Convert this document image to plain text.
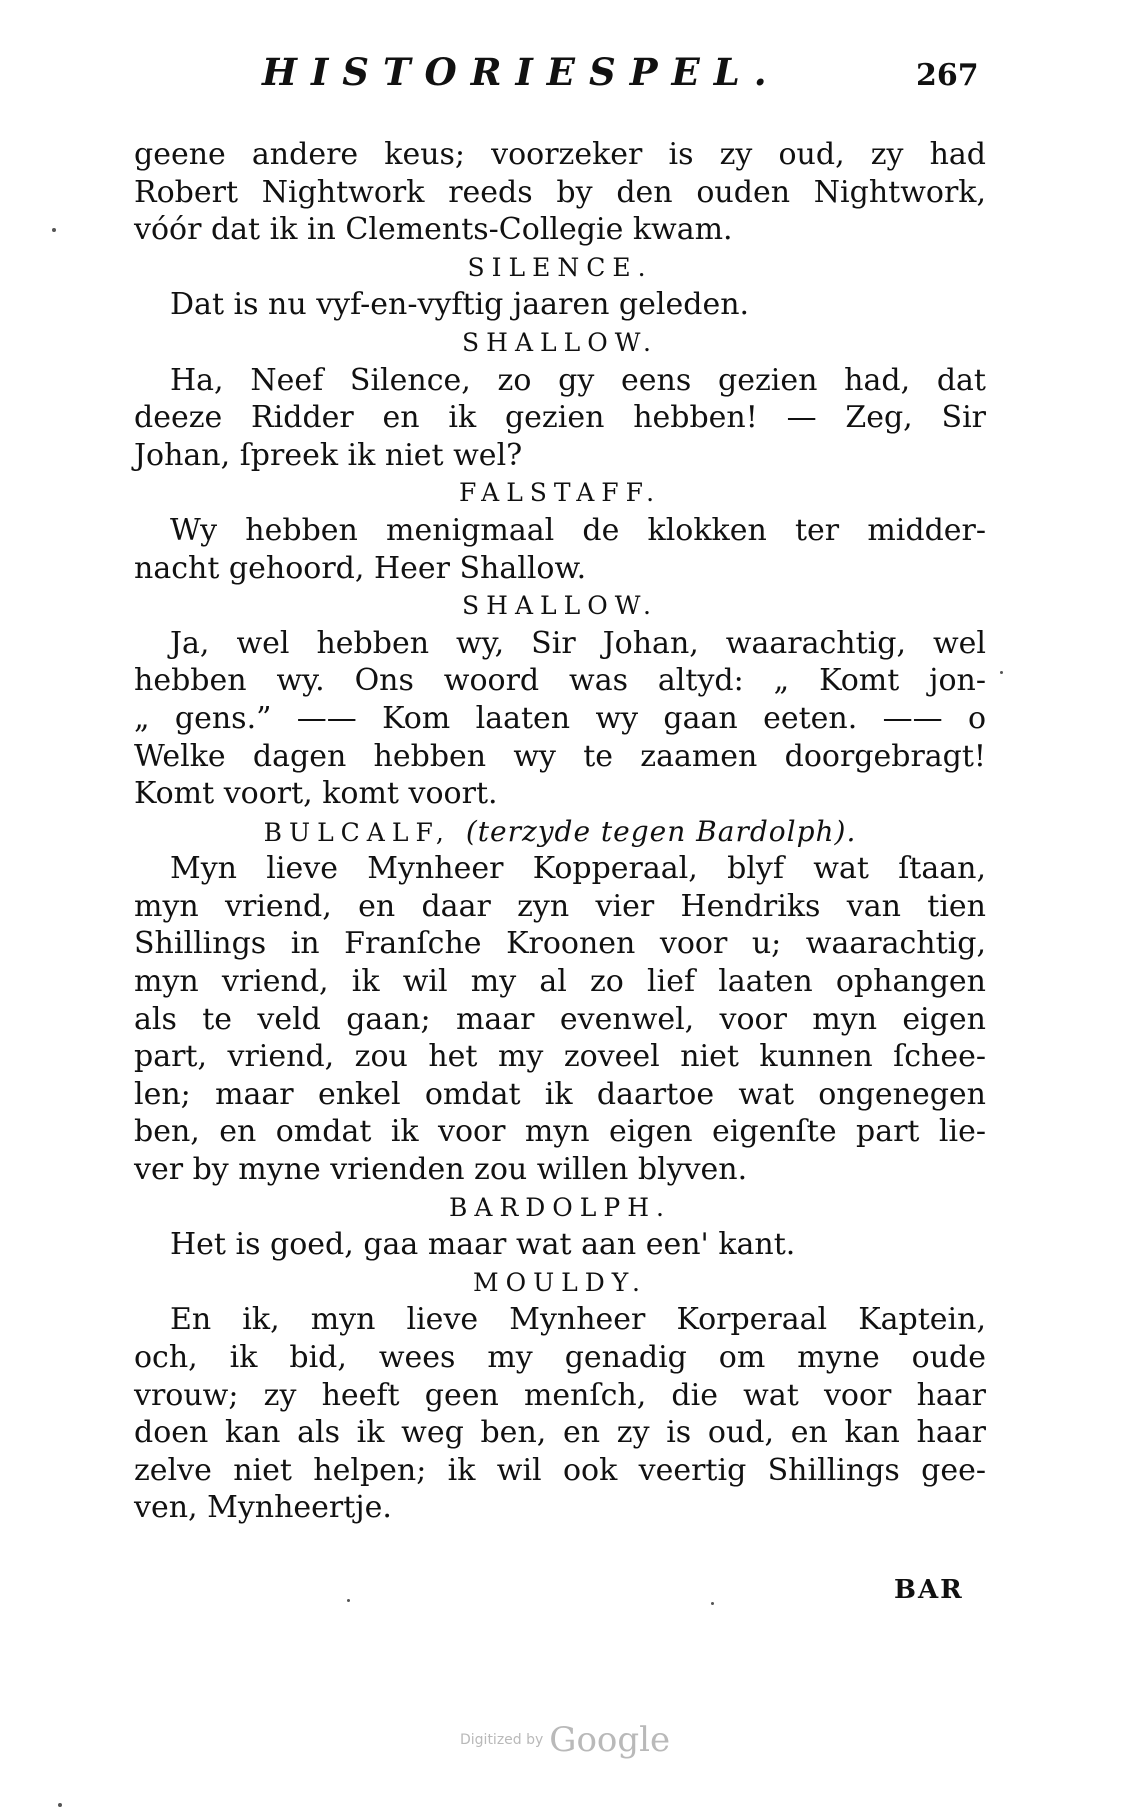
HISTORIESPEL.	267
geene andere keus; voorzeker is zy oud, zy had
Robert Nightwork reeds by den ouden Nightwork,
vóór dat ik in Clements-Collegie kwam.
SILENCE.
Dat is nu vyf-en-vyftig jaaren geleden.
SHALLOW.
Ha, Neef Silence, zo gy eens gezien had, dat
deeze Ridder en ik gezien hebben! — Zeg, Sir
Johan, ſpreek ik niet wel?
FALSTAFF.
Wy hebben menigmaal de klokken ter midder-
nacht gehoord, Heer Shallow.
SHALLOW.
Ja, wel hebben wy, Sir Johan, waarachtig, wel
hebben wy. Ons woord was altyd: „ Komt jon-
„ gens.” —— Kom laaten wy gaan eeten. —— o
Welke dagen hebben wy te zaamen doorgebragt!
Komt voort, komt voort.
BULCALF, (terzyde tegen Bardolph).
Myn lieve Mynheer Kopperaal, blyf wat ſtaan,
myn vriend, en daar zyn vier Hendriks van tien
Shillings in Franſche Kroonen voor u; waarachtig,
myn vriend, ik wil my al zo lief laaten ophangen
als te veld gaan; maar evenwel, voor myn eigen
part, vriend, zou het my zoveel niet kunnen ſchee-
len; maar enkel omdat ik daartoe wat ongenegen
ben, en omdat ik voor myn eigen eigenſte part lie-
ver by myne vrienden zou willen blyven.
BARDOLPH.
Het is goed, gaa maar wat aan een' kant.
MOULDY.
En ik, myn lieve Mynheer Korperaal Kaptein,
och, ik bid, wees my genadig om myne oude
vrouw; zy heeft geen menſch, die wat voor haar
doen kan als ik weg ben, en zy is oud, en kan haar
zelve niet helpen; ik wil ook veertig Shillings gee-
ven, Mynheertje.
BAR
Digitized by Google
